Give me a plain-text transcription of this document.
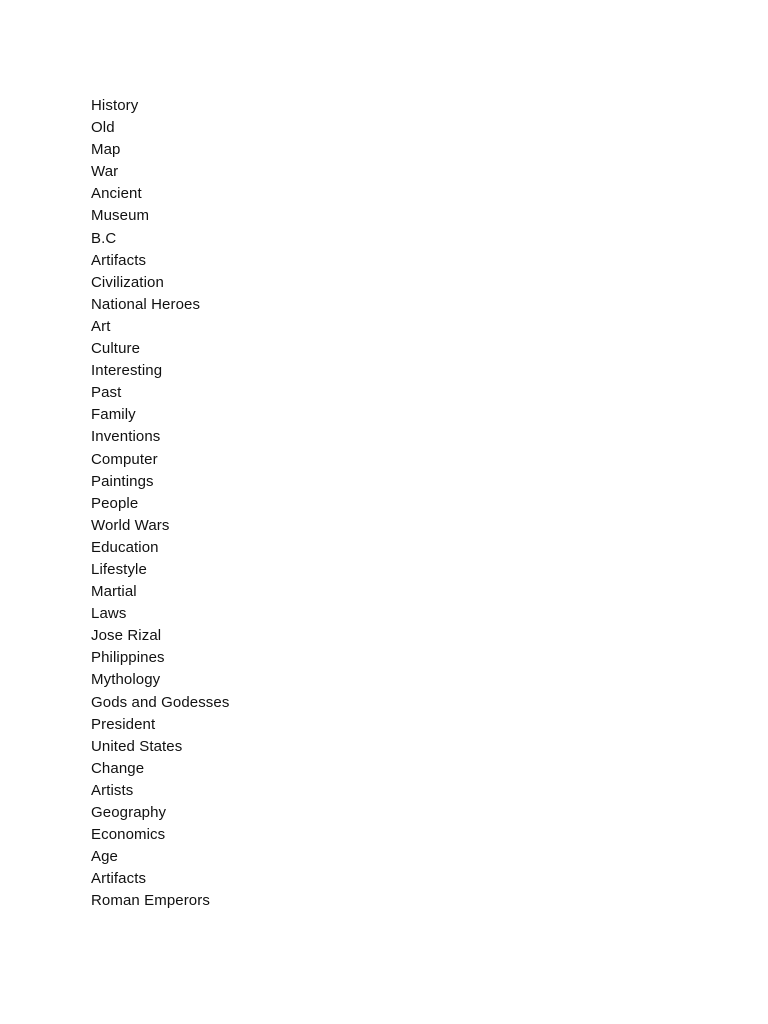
History
Old
Map
War
Ancient
Museum
B.C
Artifacts
Civilization
National Heroes
Art
Culture
Interesting
Past
Family
Inventions
Computer
Paintings
People
World Wars
Education
Lifestyle
Martial
Laws
Jose Rizal
Philippines
Mythology
Gods and Godesses
President
United States
Change
Artists
Geography
Economics
Age
Artifacts
Roman Emperors
